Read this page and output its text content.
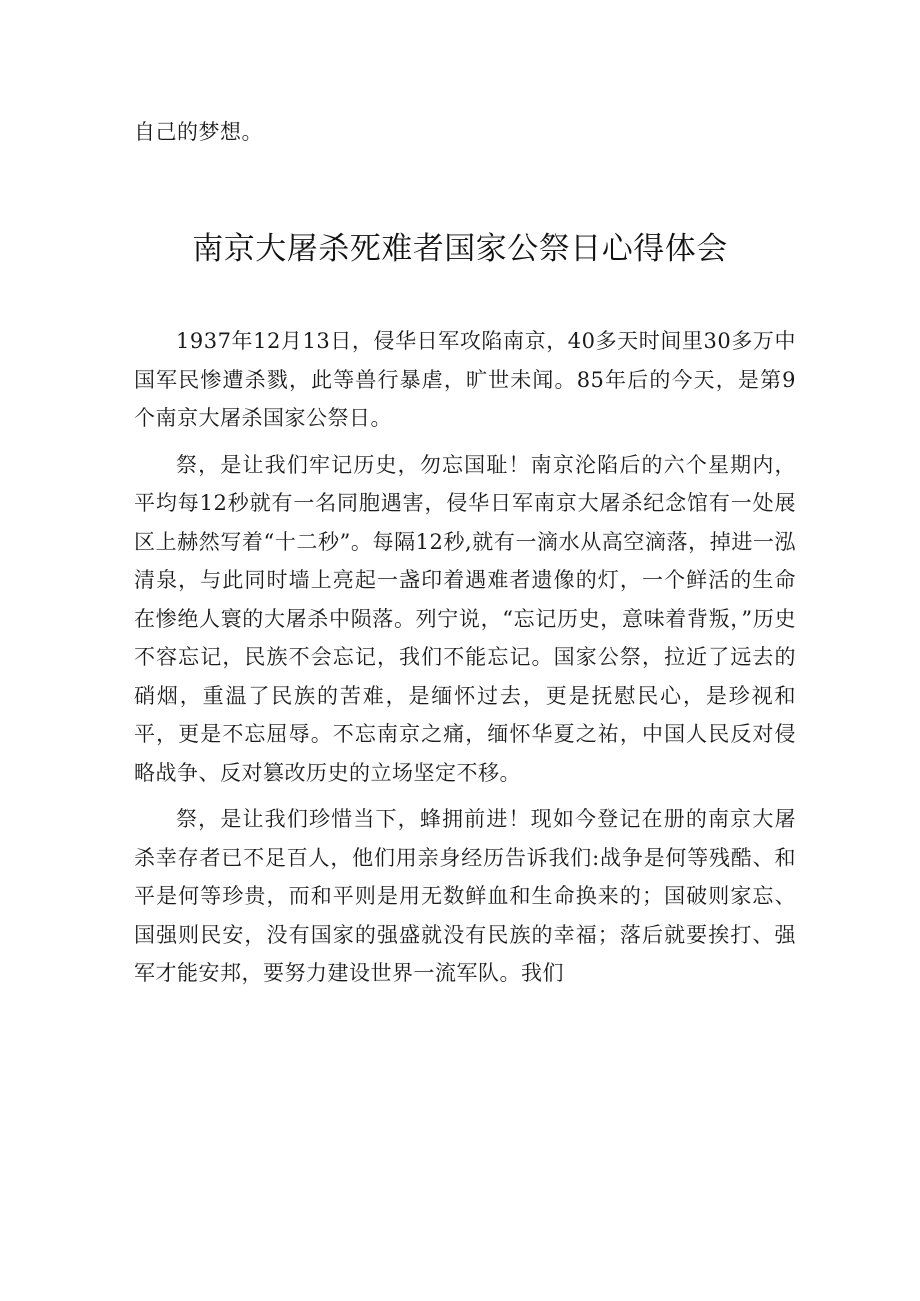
自己的梦想。

南京大屠杀死难者国家公祭日心得体会

1937年12月13日，侵华日军攻陷南京，40多天时间里30多万中国军民惨遭杀戮，此等兽行暴虐，旷世未闻。85年后的今天，是第9个南京大屠杀国家公祭日。

祭，是让我们牢记历史，勿忘国耻！南京沦陷后的六个星期内，平均每12秒就有一名同胞遇害，侵华日军南京大屠杀纪念馆有一处展区上赫然写着“十二秒”。每隔12秒,就有一滴水从高空滴落，掉进一泓清泉，与此同时墙上亮起一盏印着遇难者遗像的灯，一个鲜活的生命在惨绝人寰的大屠杀中陨落。列宁说，“忘记历史，意味着背叛，”历史不容忘记，民族不会忘记，我们不能忘记。国家公祭，拉近了远去的硝烟，重温了民族的苦难，是缅怀过去，更是抚慰民心，是珍视和平，更是不忘屈辱。不忘南京之痛，缅怀华夏之祐，中国人民反对侵略战争、反对篡改历史的立场坚定不移。

祭，是让我们珍惜当下，蜂拥前进！现如今登记在册的南京大屠杀幸存者已不足百人，他们用亲身经历告诉我们:战争是何等残酷、和平是何等珍贵，而和平则是用无数鲜血和生命换来的；国破则家忘、国强则民安，没有国家的强盛就没有民族的幸福；落后就要挨打、强军才能安邦，要努力建设世界一流军队。我们
